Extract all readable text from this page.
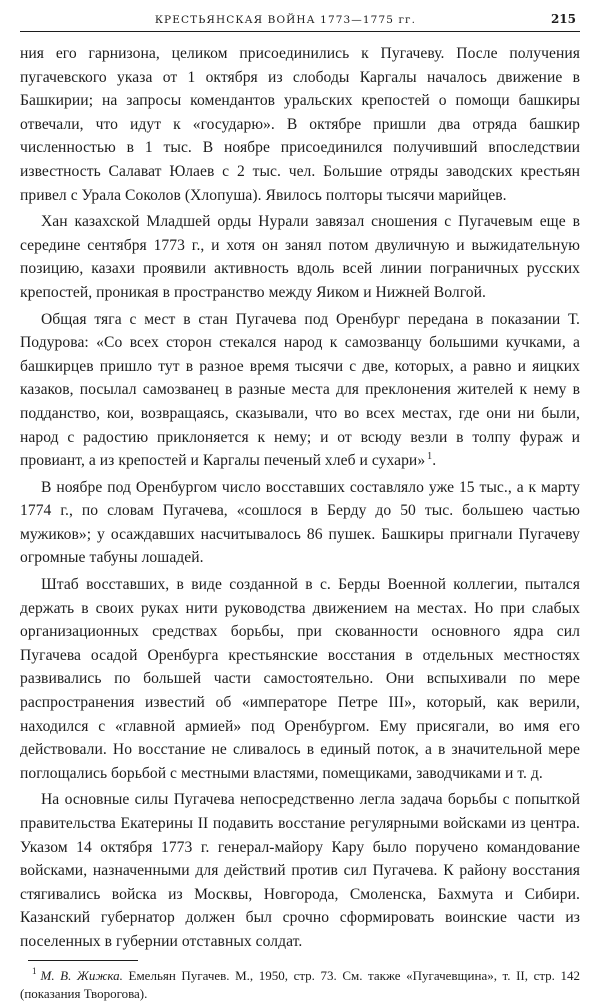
КРЕСТЬЯНСКАЯ ВОЙНА 1773—1775 гг.	215

ния его гарнизона, целиком присоединились к Пугачеву. После получения пугачевского указа от 1 октября из слободы Каргалы началось движение в Башкирии; на запросы комендантов уральских крепостей о помощи башкиры отвечали, что идут к «государю». В октябре пришли два отряда башкир численностью в 1 тыс. В ноябре присоединился получивший впоследствии известность Салават Юлаев с 2 тыс. чел. Большие отряды заводских крестьян привел с Урала Соколов (Хлопуша). Явилось полторы тысячи марийцев.

Хан казахской Младшей орды Нурали завязал сношения с Пугачевым еще в середине сентября 1773 г., и хотя он занял потом двуличную и выжидательную позицию, казахи проявили активность вдоль всей линии пограничных русских крепостей, проникая в пространство между Яиком и Нижней Волгой.

Общая тяга с мест в стан Пугачева под Оренбург передана в показании Т. Подурова: «Со всех сторон стекался народ к самозванцу большими кучками, а башкирцев пришло тут в разное время тысячи с две, которых, а равно и яицких казаков, посылал самозванец в разные места для преклонения жителей к нему в подданство, кои, возвращаясь, сказывали, что во всех местах, где они ни были, народ с радостию приклоняется к нему; и от всюду везли в толпу фураж и провиант, а из крепостей и Каргалы печеный хлеб и сухари» $^1$.

В ноябре под Оренбургом число восставших составляло уже 15 тыс., а к марту 1774 г., по словам Пугачева, «сошлося в Берду до 50 тыс. большею частью мужиков»; у осаждавших насчитывалось 86 пушек. Башкиры пригнали Пугачеву огромные табуны лошадей.

Штаб восставших, в виде созданной в с. Берды Военной коллегии, пытался держать в своих руках нити руководства движением на местах. Но при слабых организационных средствах борьбы, при скованности основного ядра сил Пугачева осадой Оренбурга крестьянские восстания в отдельных местностях развивались по большей части самостоятельно. Они вспыхивали по мере распространения известий об «императоре Петре III», который, как верили, находился с «главной армией» под Оренбургом. Ему присягали, во имя его действовали. Но восстание не сливалось в единый поток, а в значительной мере поглощались борьбой с местными властями, помещиками, заводчиками и т. д.

На основные силы Пугачева непосредственно легла задача борьбы с попыткой правительства Екатерины II подавить восстание регулярными войсками из центра. Указом 14 октября 1773 г. генерал-майору Кару было поручено командование войсками, назначенными для действий против сил Пугачева. К району восстания стягивались войска из Москвы, Новгорода, Смоленска, Бахмута и Сибири. Казанский губернатор должен был срочно сформировать воинские части из поселенных в губернии отставных солдат.

$^1$ М. В. Жижка. Емельян Пугачев. М., 1950, стр. 73. См. также «Пугачевщина», т. II, стр. 142 (показания Творогова).
